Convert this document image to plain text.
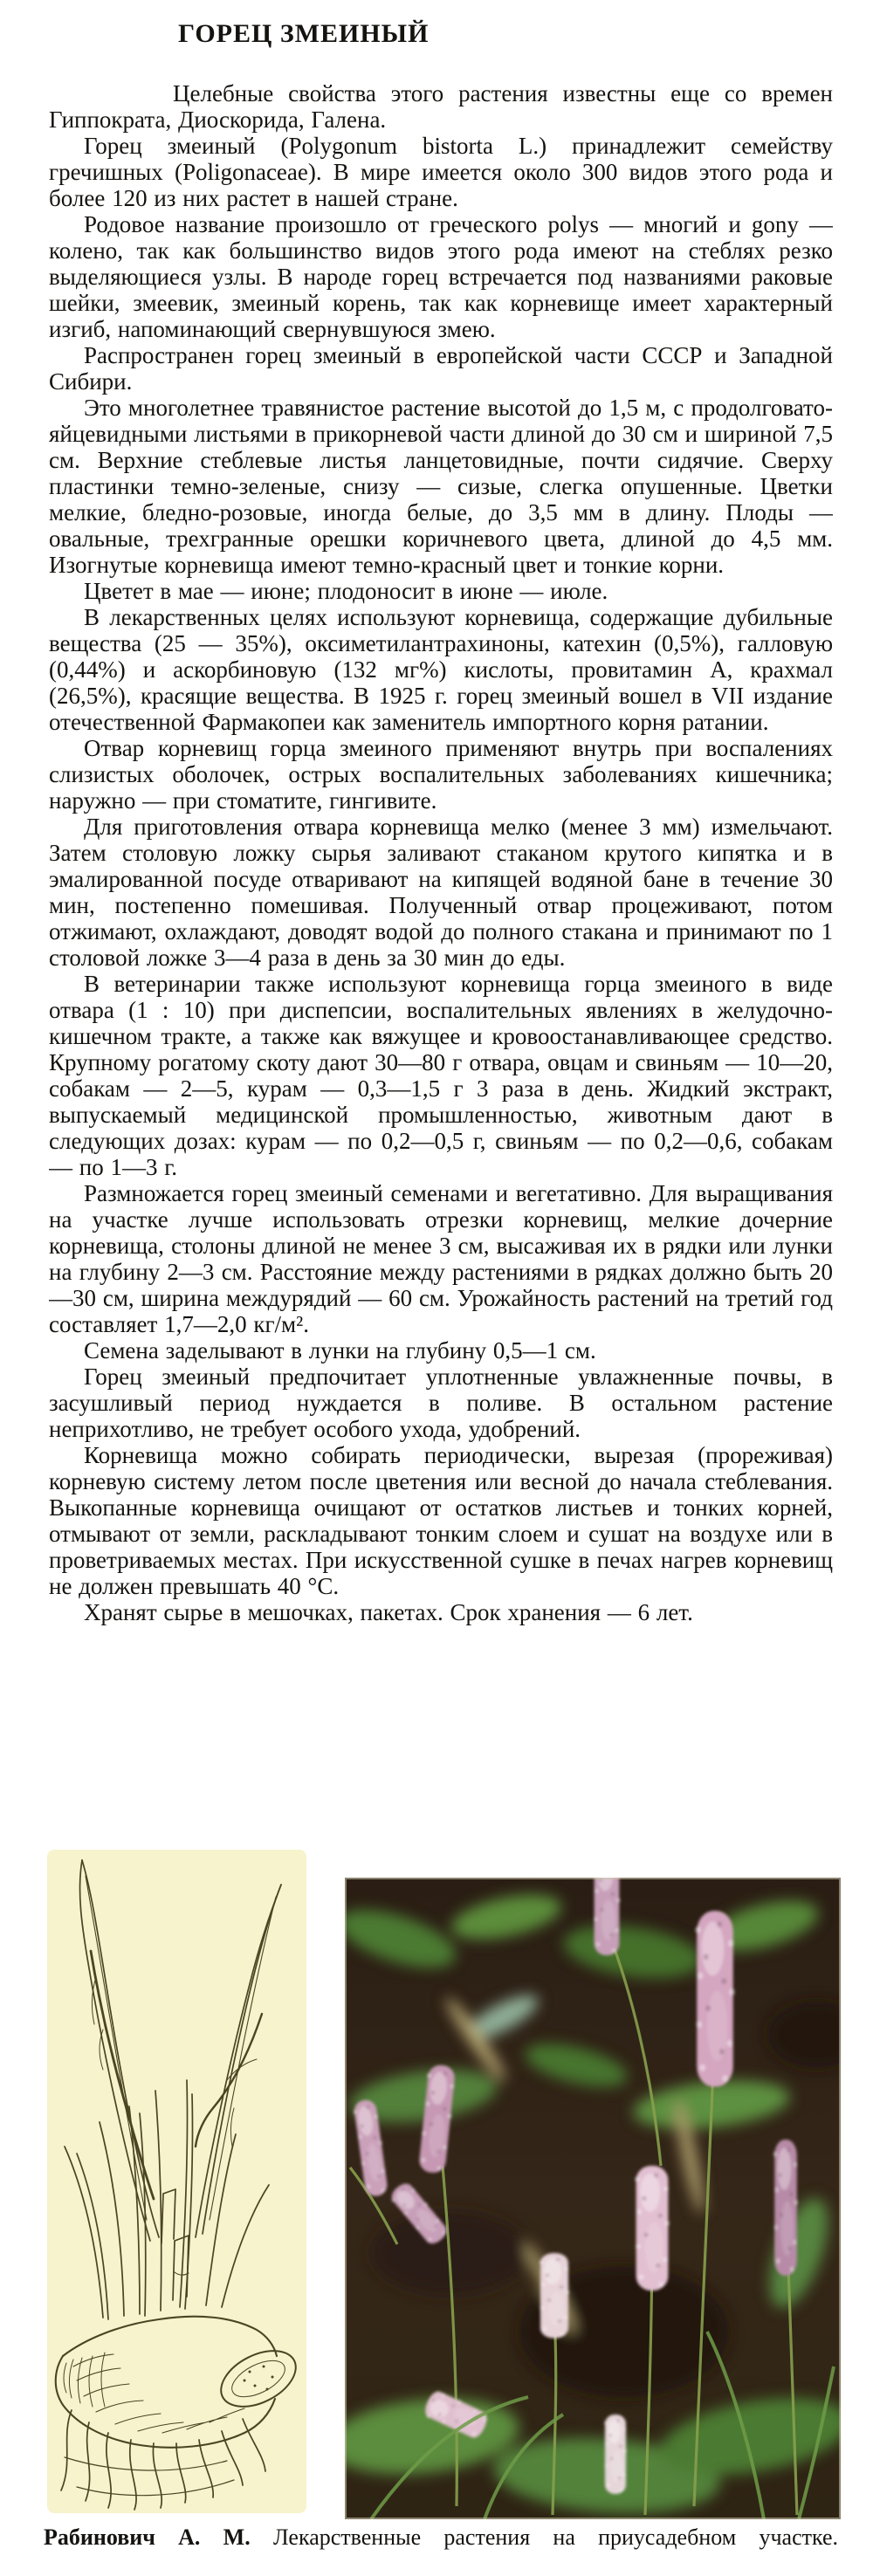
ГОРЕЦ ЗМЕИНЫЙ

Целебные свойства этого растения известны еще со времен Гиппократа, Диоскорида, Галена.

Горец змеиный (Polygonum bistorta L.) принадлежит семейству гречишных (Poligonaceae). В мире имеется около 300 видов этого рода и более 120 из них растет в нашей стране.

Родовое название произошло от греческого polys — многий и gony — колено, так как большинство видов этого рода имеют на стеблях резко выделяющиеся узлы. В народе горец встречается под названиями раковые шейки, змеевик, змеиный корень, так как корневище имеет характерный изгиб, напоминающий свернувшуюся змею.

Распространен горец змеиный в европейской части СССР и Западной Сибири.

Это многолетнее травянистое растение высотой до 1,5 м, с продолговато-яйцевидными листьями в прикорневой части длиной до 30 см и шириной 7,5 см. Верхние стеблевые листья ланцетовидные, почти сидячие. Сверху пластинки темно-зеленые, снизу — сизые, слегка опушенные. Цветки мелкие, бледно-розовые, иногда белые, до 3,5 мм в длину. Плоды — овальные, трехгранные орешки коричневого цвета, длиной до 4,5 мм. Изогнутые корневища имеют темно-красный цвет и тонкие корни.

Цветет в мае — июне; плодоносит в июне — июле.

В лекарственных целях используют корневища, содержащие дубильные вещества (25 — 35%), оксиметилантрахиноны, катехин (0,5%), галловую (0,44%) и аскорбиновую (132 мг%) кислоты, провитамин А, крахмал (26,5%), красящие вещества. В 1925 г. горец змеиный вошел в VII издание отечественной Фармакопеи как заменитель импортного корня ратании.

Отвар корневищ горца змеиного применяют внутрь при воспалениях слизистых оболочек, острых воспалительных заболеваниях кишечника; наружно — при стоматите, гингивите.

Для приготовления отвара корневища мелко (менее 3 мм) измельчают. Затем столовую ложку сырья заливают стаканом крутого кипятка и в эмалированной посуде отваривают на кипящей водяной бане в течение 30 мин, постепенно помешивая. Полученный отвар процеживают, потом отжимают, охлаждают, доводят водой до полного стакана и принимают по 1 столовой ложке 3—4 раза в день за 30 мин до еды.

В ветеринарии также используют корневища горца змеиного в виде отвара (1 : 10) при диспепсии, воспалительных явлениях в желудочно-кишечном тракте, а также как вяжущее и кровоостанавливающее средство. Крупному рогатому скоту дают 30—80 г отвара, овцам и свиньям — 10—20, собакам — 2—5, курам — 0,3—1,5 г 3 раза в день. Жидкий экстракт, выпускаемый медицинской промышленностью, животным дают в следующих дозах: курам — по 0,2—0,5 г, свиньям — по 0,2—0,6, собакам — по 1—3 г.

Размножается горец змеиный семенами и вегетативно. Для выращивания на участке лучше использовать отрезки корневищ, мелкие дочерние корневища, столоны длиной не менее 3 см, высаживая их в рядки или лунки на глубину 2—3 см. Расстояние между растениями в рядках должно быть 20—30 см, ширина междурядий — 60 см. Урожайность растений на третий год составляет 1,7—2,0 кг/м².

Семена заделывают в лунки на глубину 0,5—1 см.

Горец змеиный предпочитает уплотненные увлажненные почвы, в засушливый период нуждается в поливе. В остальном растение неприхотливо, не требует особого ухода, удобрений.

Корневища можно собирать периодически, вырезая (прореживая) корневую систему летом после цветения или весной до начала стеблевания. Выкопанные корневища очищают от остатков листьев и тонких корней, отмывают от земли, раскладывают тонким слоем и сушат на воздухе или в проветриваемых местах. При искусственной сушке в печах нагрев корневищ не должен превышать 40 °С.

Хранят сырье в мешочках, пакетах. Срок хранения — 6 лет.

Рабинович А. М. Лекарственные растения на приусадебном участке.
